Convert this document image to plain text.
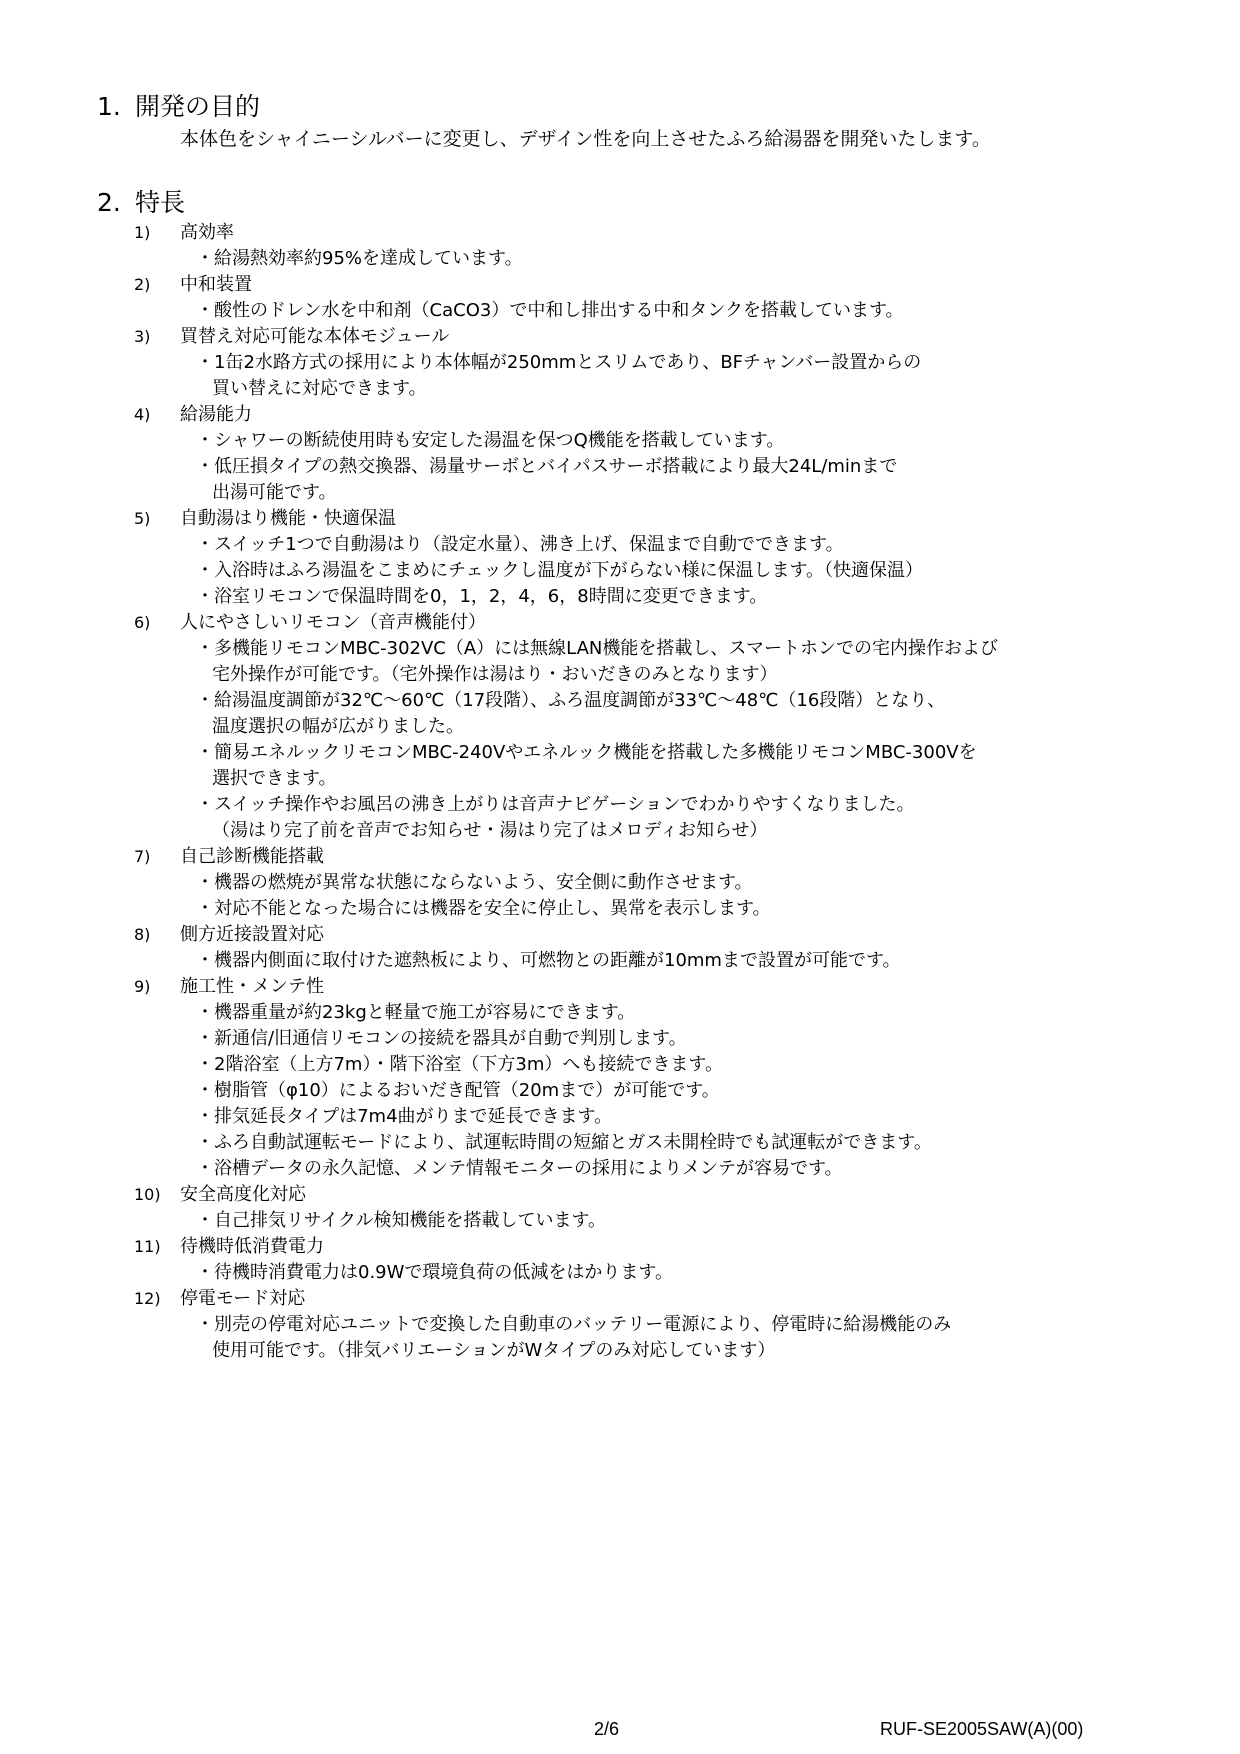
1. 開発の目的
本体色をシャイニーシルバーに変更し、デザイン性を向上させたふろ給湯器を開発いたします。
2. 特長
1) 高効率
・給湯熱効率約95%を達成しています。
2) 中和装置
・酸性のドレン水を中和剤（CaCO3）で中和し排出する中和タンクを搭載しています。
3) 買替え対応可能な本体モジュール
・1缶2水路方式の採用により本体幅が250mmとスリムであり、BFチャンバー設置からの
買い替えに対応できます。
4) 給湯能力
・シャワーの断続使用時も安定した湯温を保つQ機能を搭載しています。
・低圧損タイプの熱交換器、湯量サーボとバイパスサーボ搭載により最大24L/minまで
出湯可能です。
5) 自動湯はり機能・快適保温
・スイッチ1つで自動湯はり（設定水量）、沸き上げ、保温まで自動でできます。
・入浴時はふろ湯温をこまめにチェックし温度が下がらない様に保温します。（快適保温）
・浴室リモコンで保温時間を0，1，2，4，6，8時間に変更できます。
6) 人にやさしいリモコン（音声機能付）
・多機能リモコンMBC-302VC（A）には無線LAN機能を搭載し、スマートホンでの宅内操作および
宅外操作が可能です。（宅外操作は湯はり・おいだきのみとなります）
・給湯温度調節が32℃～60℃（17段階）、ふろ温度調節が33℃～48℃（16段階）となり、
温度選択の幅が広がりました。
・簡易エネルックリモコンMBC-240Vやエネルック機能を搭載した多機能リモコンMBC-300Vを
選択できます。
・スイッチ操作やお風呂の沸き上がりは音声ナビゲーションでわかりやすくなりました。
（湯はり完了前を音声でお知らせ・湯はり完了はメロディお知らせ）
7) 自己診断機能搭載
・機器の燃焼が異常な状態にならないよう、安全側に動作させます。
・対応不能となった場合には機器を安全に停止し、異常を表示します。
8) 側方近接設置対応
・機器内側面に取付けた遮熱板により、可燃物との距離が10mmまで設置が可能です。
9) 施工性・メンテ性
・機器重量が約23kgと軽量で施工が容易にできます。
・新通信/旧通信リモコンの接続を器具が自動で判別します。
・2階浴室（上方7m）・階下浴室（下方3m）へも接続できます。
・樹脂管（φ10）によるおいだき配管（20mまで）が可能です。
・排気延長タイプは7m4曲がりまで延長できます。
・ふろ自動試運転モードにより、試運転時間の短縮とガス未開栓時でも試運転ができます。
・浴槽データの永久記憶、メンテ情報モニターの採用によりメンテが容易です。
10) 安全高度化対応
・自己排気リサイクル検知機能を搭載しています。
11) 待機時低消費電力
・待機時消費電力は0.9Wで環境負荷の低減をはかります。
12) 停電モード対応
・別売の停電対応ユニットで変換した自動車のバッテリー電源により、停電時に給湯機能のみ
使用可能です。（排気バリエーションがWタイプのみ対応しています）
2/6	RUF-SE2005SAW(A)(00)
